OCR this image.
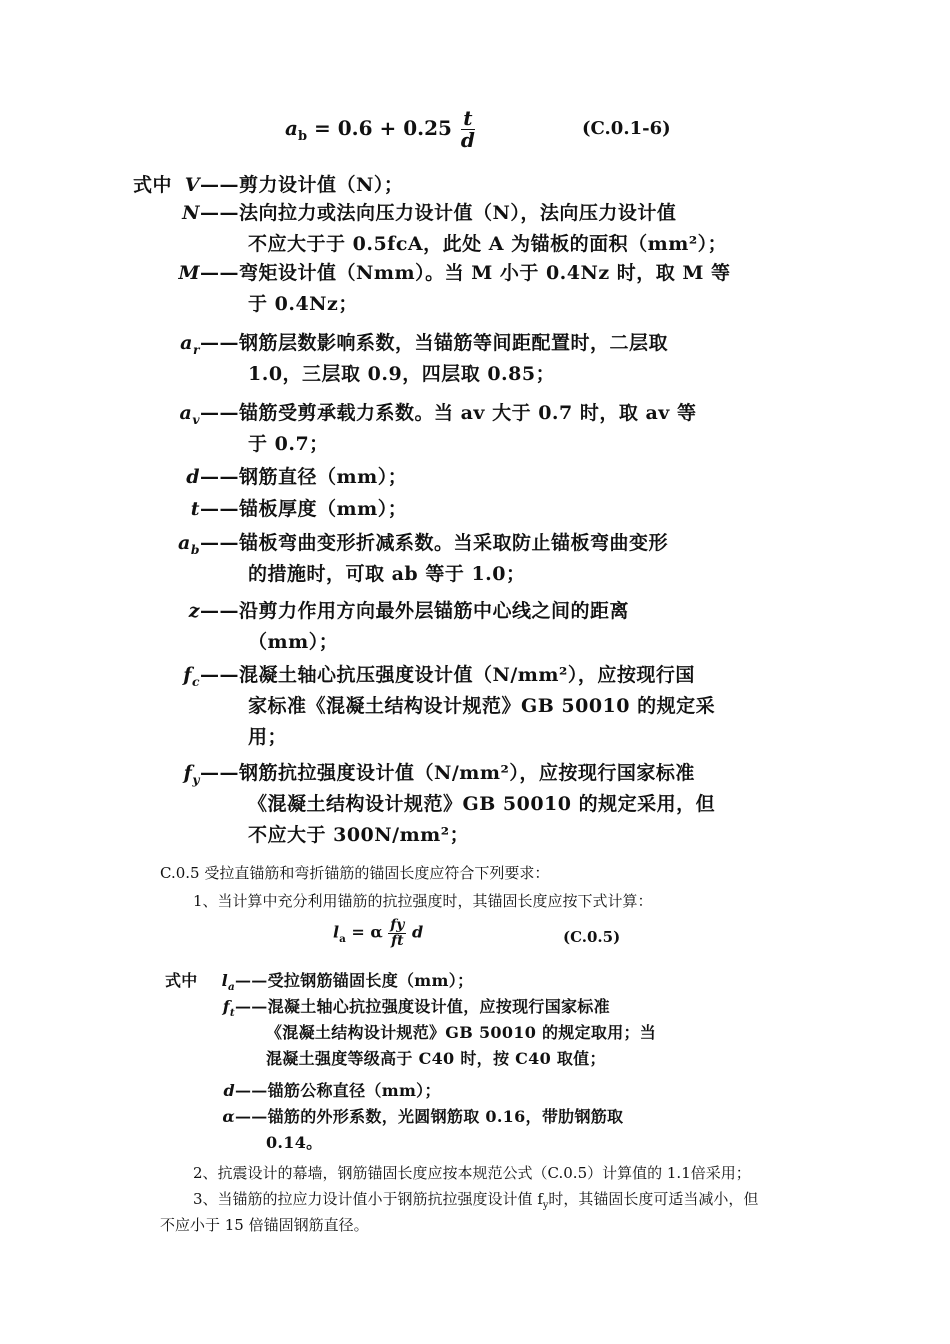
$a_b = 0.6 + 0.25 \frac{t}{d}$	(C.0.1-6)
式中 V——剪力设计值（N）；
N——法向拉力或法向压力设计值（N），法向压力设计值
不应大于于 0.5fcA，此处 A 为锚板的面积（mm²）；
M——弯矩设计值（Nmm）。当 M 小于 0.4Nz 时，取 M 等
于 0.4Nz；
$a_r——$钢筋层数影响系数，当锚筋等间距配置时，二层取
1.0，三层取 0.9，四层取 0.85；
$a_v——$锚筋受剪承载力系数。当 av 大于 0.7 时，取 av 等
于 0.7；
d——钢筋直径（mm）；
t——锚板厚度（mm）；
$a_b——$锚板弯曲变形折减系数。当采取防止锚板弯曲变形
的措施时，可取 ab 等于 1.0；
z——沿剪力作用方向最外层锚筋中心线之间的距离
（mm）；
$f_c——$混凝土轴心抗压强度设计值（N/mm²），应按现行国
家标准《混凝土结构设计规范》GB 50010 的规定采
用；
$f_y——$钢筋抗拉强度设计值（N/mm²），应按现行国家标准
《混凝土结构设计规范》GB 50010 的规定采用，但
不应大于 300N/mm²；
C.0.5 受拉直锚筋和弯折锚筋的锚固长度应符合下列要求：
1、当计算中充分利用锚筋的抗拉强度时，其锚固长度应按下式计算：
$l_a = \alpha \frac{fy}{ft}$ d	(C.0.5)
式中	$l_a——$受拉钢筋锚固长度（mm）；
$f_t——$混凝土轴心抗拉强度设计值，应按现行国家标准
《混凝土结构设计规范》GB 50010 的规定取用；当
混凝土强度等级高于 C40 时，按 C40 取值；
d——锚筋公称直径（mm）；
α——锚筋的外形系数，光圆钢筋取 0.16，带肋钢筋取
0.14。
2、抗震设计的幕墙，钢筋锚固长度应按本规范公式（C.0.5）计算值的 1.1倍采用；
3、当锚筋的拉应力设计值小于钢筋抗拉强度设计值 $f_y$时，其锚固长度可适当减小，但
不应小于 15 倍锚固钢筋直径。
